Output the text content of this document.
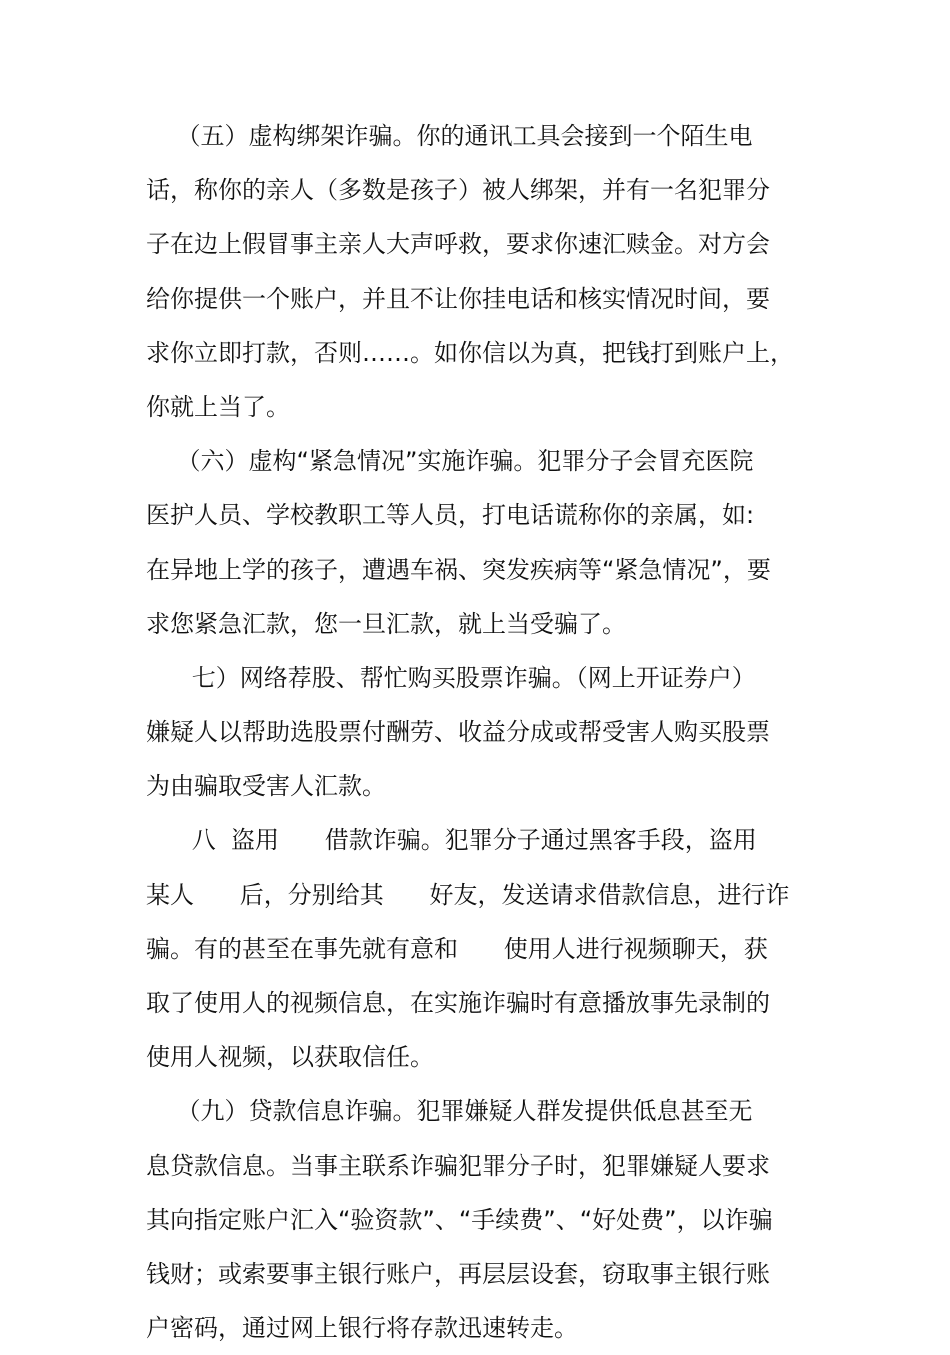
（五）虚构绑架诈骗。你的通讯工具会接到一个陌生电
话，称你的亲人（多数是孩子）被人绑架，并有一名犯罪分
子在边上假冒事主亲人大声呼救，要求你速汇赎金。对方会
给你提供一个账户，并且不让你挂电话和核实情况时间，要
求你立即打款，否则……。如你信以为真，把钱打到账户上，
你就上当了。
（六）虚构“紧急情况”实施诈骗。犯罪分子会冒充医院
医护人员、学校教职工等人员，打电话谎称你的亲属，如:
在异地上学的孩子，遭遇车祸、突发疾病等“紧急情况”，要
求您紧急汇款，您一旦汇款，就上当受骗了。
七）网络荐股、帮忙购买股票诈骗。（网上开证券户）
嫌疑人以帮助选股票付酬劳、收益分成或帮受害人购买股票
为由骗取受害人汇款。
八  盗用      借款诈骗。犯罪分子通过黑客手段，盗用
某人      后，分别给其      好友，发送请求借款信息，进行诈
骗。有的甚至在事先就有意和      使用人进行视频聊天，获
取了使用人的视频信息，在实施诈骗时有意播放事先录制的
使用人视频，以获取信任。
（九）贷款信息诈骗。犯罪嫌疑人群发提供低息甚至无
息贷款信息。当事主联系诈骗犯罪分子时，犯罪嫌疑人要求
其向指定账户汇入“验资款”、“手续费”、“好处费”，以诈骗
钱财；或索要事主银行账户，再层层设套，窃取事主银行账
户密码，通过网上银行将存款迅速转走。
